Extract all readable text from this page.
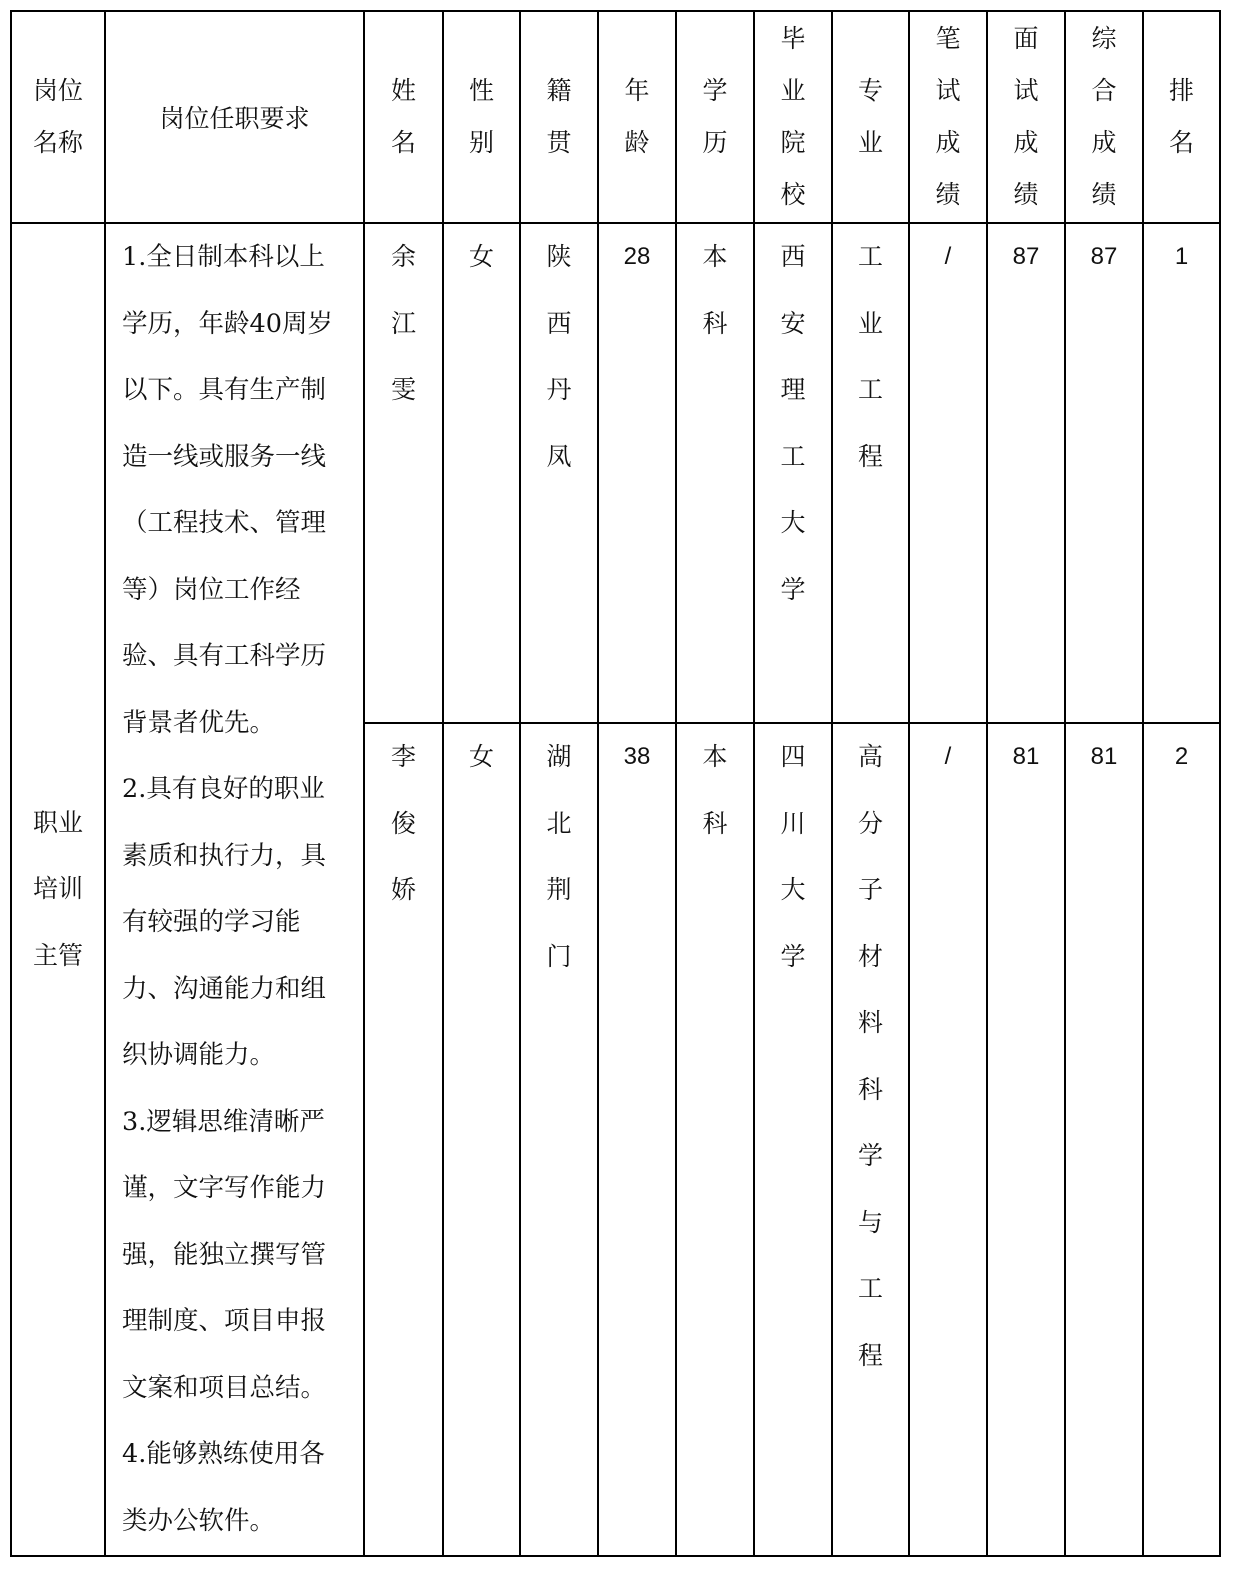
岗位名称	岗位任职要求	姓名	性别	籍贯	年龄	学历	毕业院校	专业	笔试成绩	面试成绩	综合成绩	排名
职业培训主管	1.全日制本科以上学历，年龄40周岁以下。具有生产制造一线或服务一线（工程技术、管理等）岗位工作经验、具有工科学历背景者优先。

2.具有良好的职业素质和执行力，具有较强的学习能力、沟通能力和组织协调能力。

3.逻辑思维清晰严谨，文字写作能力强，能独立撰写管理制度、项目申报文案和项目总结。

4.能够熟练使用各类办公软件。	余江雯	女	陕西丹凤	28	本科	西安理工大学	工业工程	/	87	87	1
		李俊娇	女	湖北荆门	38	本科	四川大学	高分子材料科学与工程	/	81	81	2
